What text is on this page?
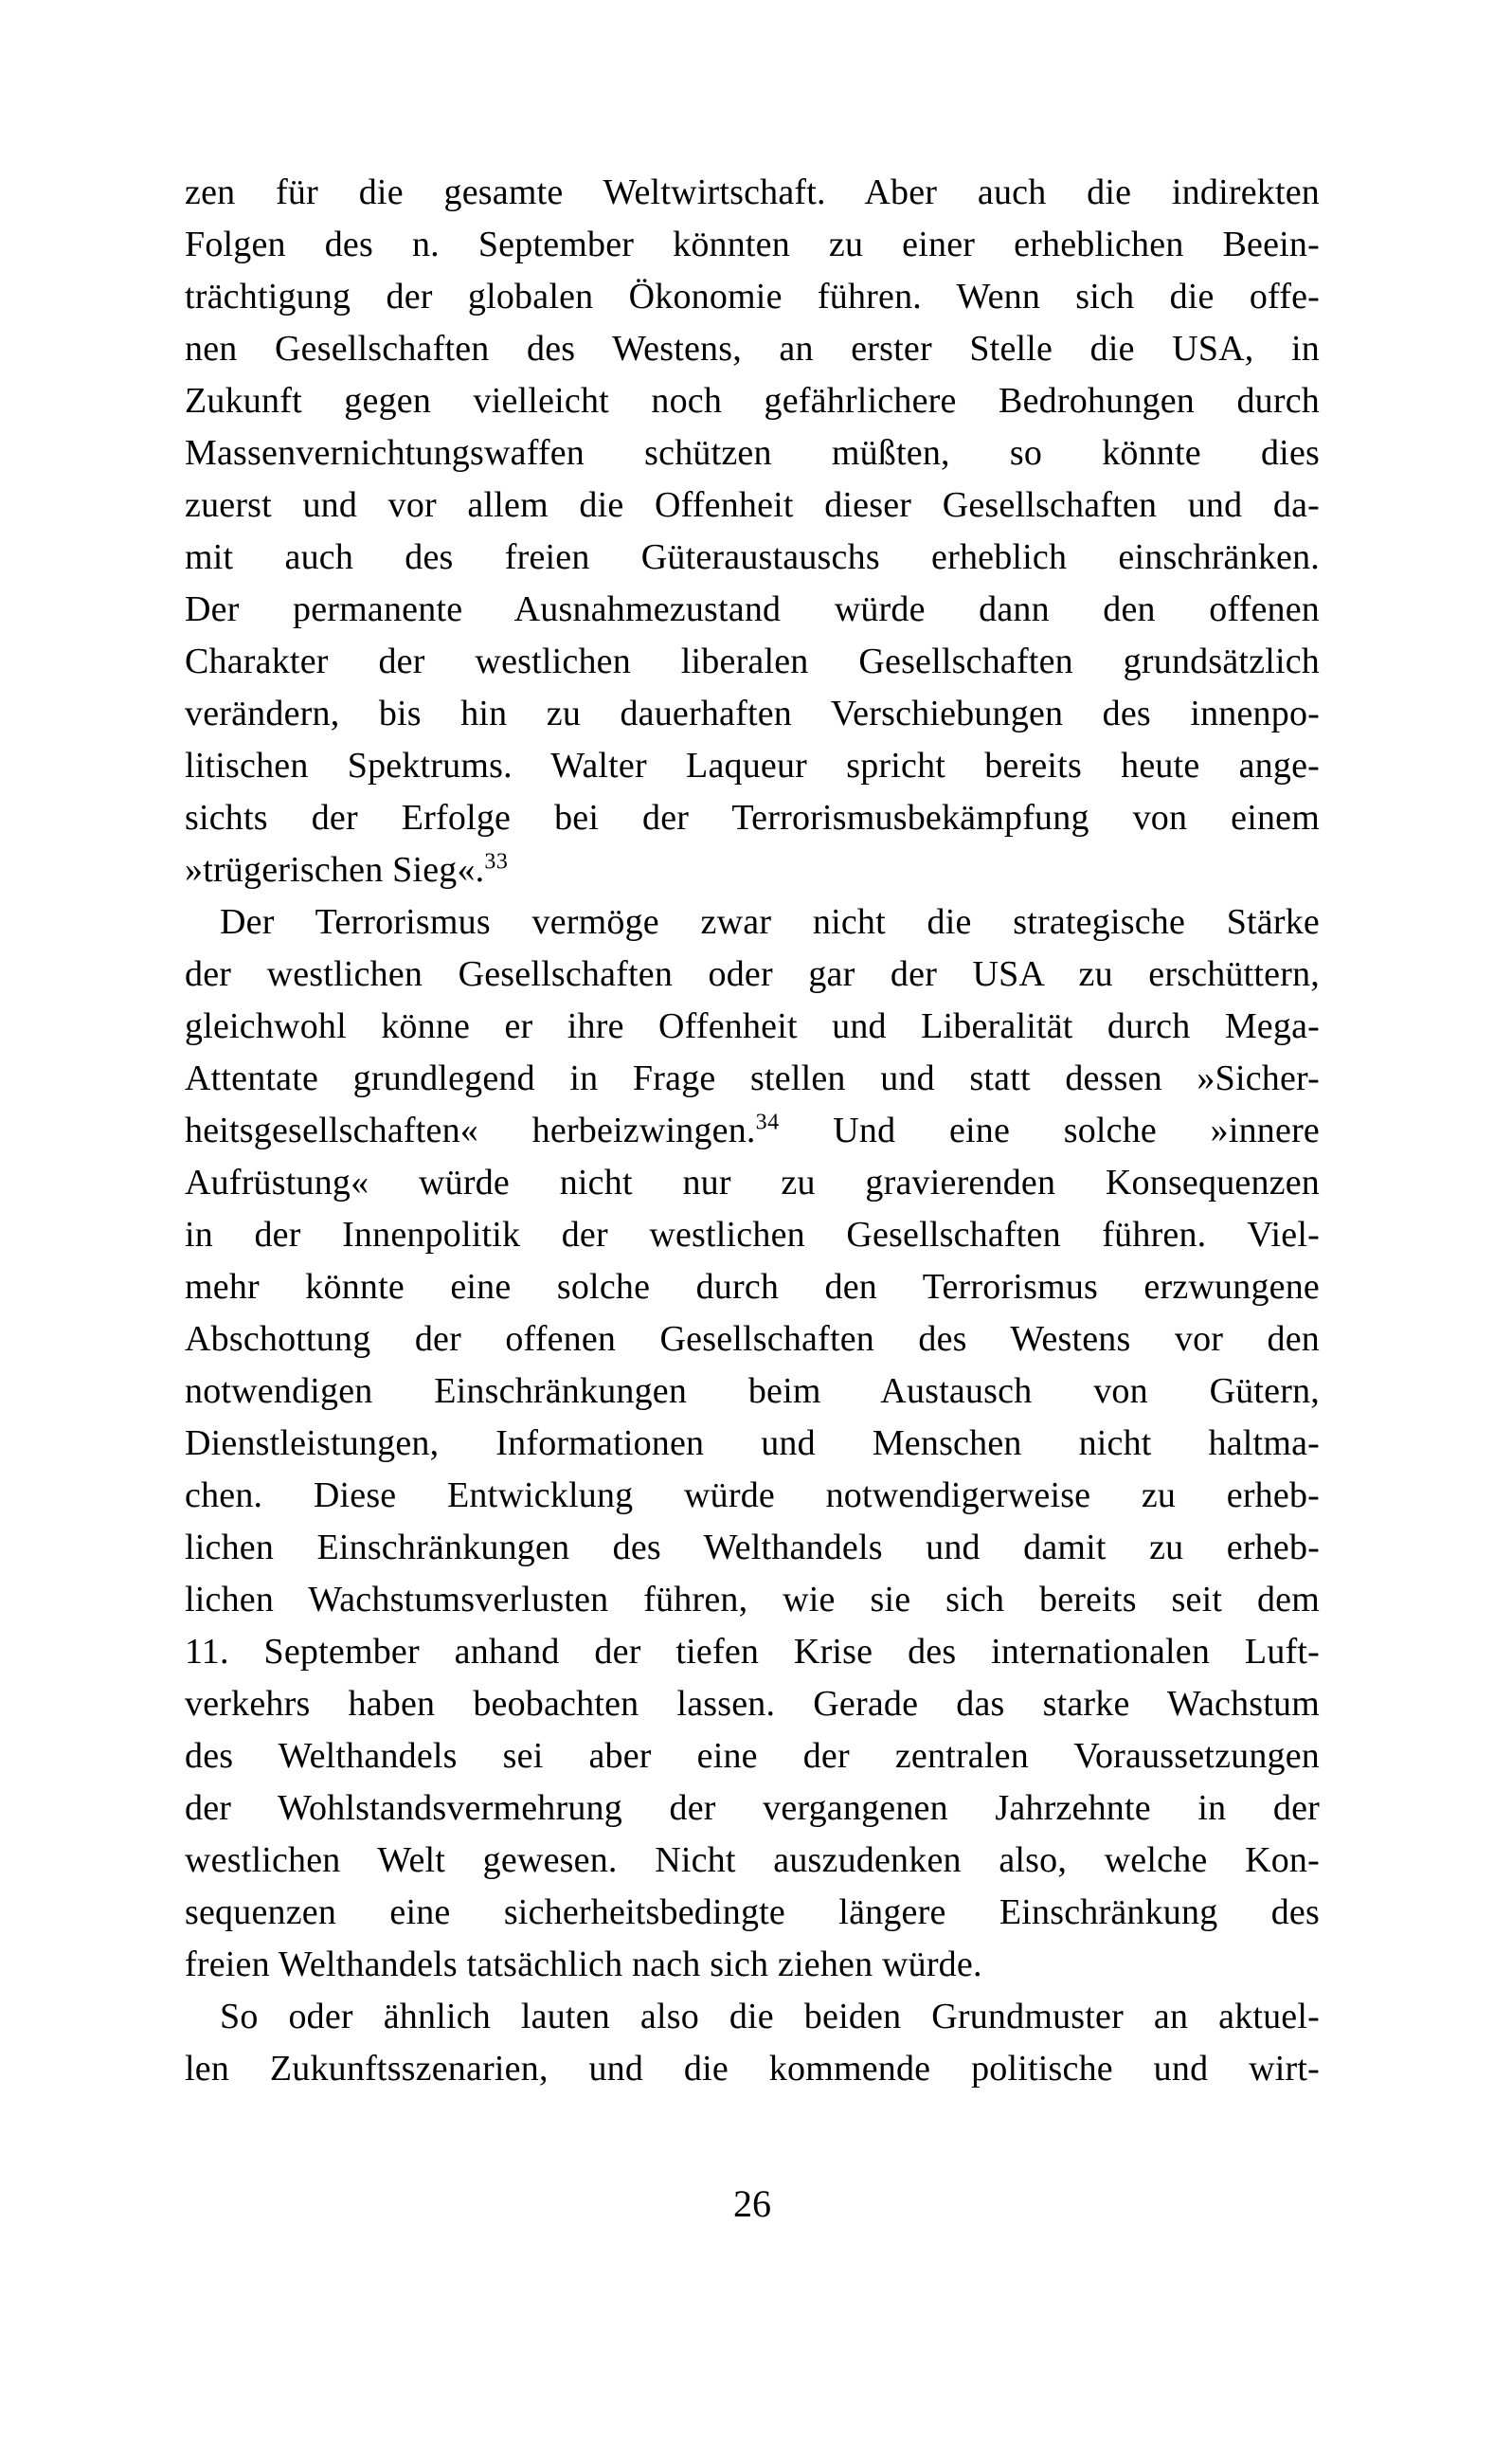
zen für die gesamte Weltwirtschaft. Aber auch die indirekten
Folgen des n. September könnten zu einer erheblichen Beein-
trächtigung der globalen Ökonomie führen. Wenn sich die offe-
nen Gesellschaften des Westens, an erster Stelle die USA, in
Zukunft gegen vielleicht noch gefährlichere Bedrohungen durch
Massenvernichtungswaffen schützen müßten, so könnte dies
zuerst und vor allem die Offenheit dieser Gesellschaften und da-
mit auch des freien Güteraustauschs erheblich einschränken.
Der permanente Ausnahmezustand würde dann den offenen
Charakter der westlichen liberalen Gesellschaften grundsätzlich
verändern, bis hin zu dauerhaften Verschiebungen des innenpo-
litischen Spektrums. Walter Laqueur spricht bereits heute ange-
sichts der Erfolge bei der Terrorismusbekämpfung von einem
»trügerischen Sieg«.$^{33}$
Der Terrorismus vermöge zwar nicht die strategische Stärke
der westlichen Gesellschaften oder gar der USA zu erschüttern,
gleichwohl könne er ihre Offenheit und Liberalität durch Mega-
Attentate grundlegend in Frage stellen und statt dessen »Sicher-
heitsgesellschaften« herbeizwingen.$^{34}$ Und eine solche »innere
Aufrüstung« würde nicht nur zu gravierenden Konsequenzen
in der Innenpolitik der westlichen Gesellschaften führen. Viel-
mehr könnte eine solche durch den Terrorismus erzwungene
Abschottung der offenen Gesellschaften des Westens vor den
notwendigen Einschränkungen beim Austausch von Gütern,
Dienstleistungen, Informationen und Menschen nicht haltma-
chen. Diese Entwicklung würde notwendigerweise zu erheb-
lichen Einschränkungen des Welthandels und damit zu erheb-
lichen Wachstumsverlusten führen, wie sie sich bereits seit dem
11. September anhand der tiefen Krise des internationalen Luft-
verkehrs haben beobachten lassen. Gerade das starke Wachstum
des Welthandels sei aber eine der zentralen Voraussetzungen
der Wohlstandsvermehrung der vergangenen Jahrzehnte in der
westlichen Welt gewesen. Nicht auszudenken also, welche Kon-
sequenzen eine sicherheitsbedingte längere Einschränkung des
freien Welthandels tatsächlich nach sich ziehen würde.
So oder ähnlich lauten also die beiden Grundmuster an aktuel-
len Zukunftsszenarien, und die kommende politische und wirt-
26
